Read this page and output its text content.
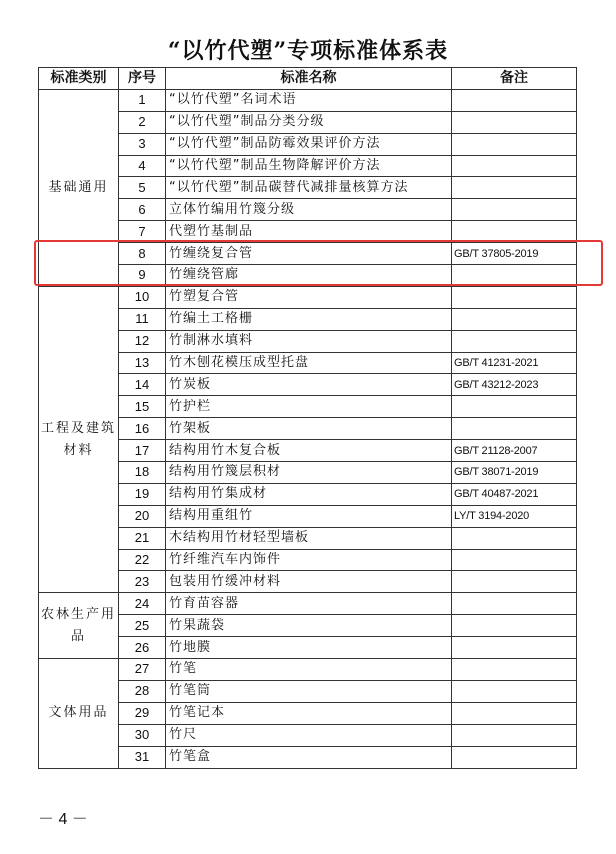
“以竹代塑”专项标准体系表
标准类别	序号	标准名称	备注
基础通用	1	“以竹代塑”名词术语	
	2	“以竹代塑”制品分类分级	
	3	“以竹代塑”制品防霉效果评价方法	
	4	“以竹代塑”制品生物降解评价方法	
	5	“以竹代塑”制品碳替代减排量核算方法	
	6	立体竹编用竹篾分级	
	7	代塑竹基制品	
	8	竹缠绕复合管	GB/T 37805-2019
	9	竹缠绕管廊	
工程及建筑材料	10	竹塑复合管	
	11	竹编土工格栅	
	12	竹制淋水填料	
	13	竹木刨花模压成型托盘	GB/T 41231-2021
	14	竹炭板	GB/T 43212-2023
	15	竹护栏	
	16	竹架板	
	17	结构用竹木复合板	GB/T 21128-2007
	18	结构用竹篾层积材	GB/T 38071-2019
	19	结构用竹集成材	GB/T 40487-2021
	20	结构用重组竹	LY/T 3194-2020
	21	木结构用竹材轻型墙板	
	22	竹纤维汽车内饰件	
	23	包装用竹缓冲材料	
农林生产用品	24	竹育苗容器	
	25	竹果蔬袋	
	26	竹地膜	
文体用品	27	竹笔	
	28	竹笔筒	
	29	竹笔记本	
	30	竹尺	
	31	竹笔盒	
－ 4 －
